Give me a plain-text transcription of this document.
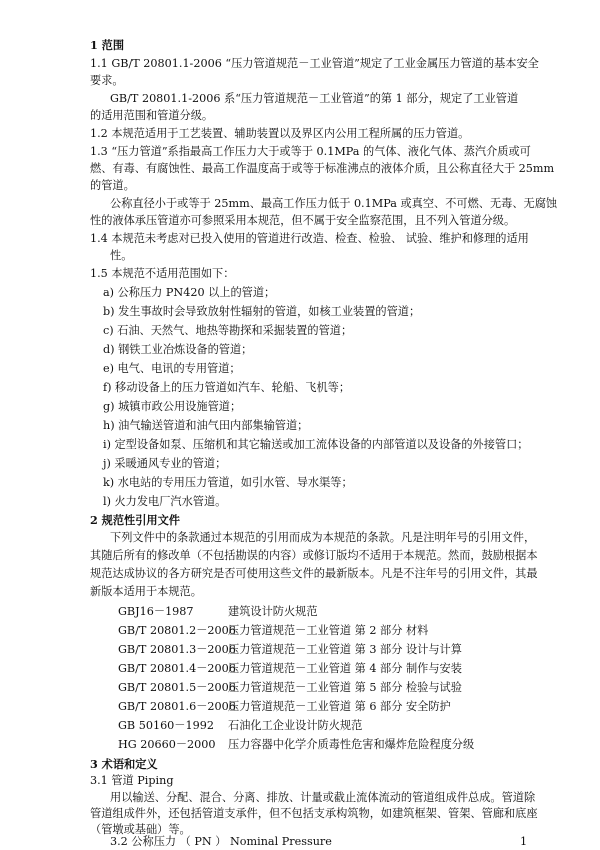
1 范围
1.1 GB/T 20801.1-2006 “压力管道规范－工业管道”规定了工业金属压力管道的基本安全
要求。
GB/T 20801.1-2006 系“压力管道规范－工业管道”的第 1 部分，规定了工业管道
的适用范围和管道分级。
1.2 本规范适用于工艺装置、辅助装置以及界区内公用工程所属的压力管道。
1.3 “压力管道”系指最高工作压力大于或等于 0.1MPa 的气体、液化气体、蒸汽介质或可
燃、有毒、有腐蚀性、最高工作温度高于或等于标准沸点的液体介质，且公称直径大于 25mm
的管道。
公称直径小于或等于 25mm、最高工作压力低于 0.1MPa 或真空、不可燃、无毒、无腐蚀
性的液体承压管道亦可参照采用本规范，但不属于安全监察范围，且不列入管道分级。
1.4 本规范未考虑对已投入使用的管道进行改造、检查、检验、 试验、维护和修理的适用
性。
1.5 本规范不适用范围如下：
a) 公称压力 PN420 以上的管道；
b) 发生事故时会导致放射性辐射的管道，如核工业装置的管道；
c) 石油、天然气、地热等勘探和采掘装置的管道；
d) 钢铁工业冶炼设备的管道；
e) 电气、电讯的专用管道；
f) 移动设备上的压力管道如汽车、轮船、飞机等；
g) 城镇市政公用设施管道；
h) 油气输送管道和油气田内部集输管道；
i) 定型设备如泵、压缩机和其它输送或加工流体设备的内部管道以及设备的外接管口；
j) 采暖通风专业的管道；
k) 水电站的专用压力管道，如引水管、导水渠等；
l) 火力发电厂汽水管道。
2 规范性引用文件
下列文件中的条款通过本规范的引用而成为本规范的条款。凡是注明年号的引用文件，
其随后所有的修改单（不包括勘误的内容）或修订版均不适用于本规范。然而，鼓励根据本
规范达成协议的各方研究是否可使用这些文件的最新版本。凡是不注年号的引用文件，其最
新版本适用于本规范。
GBJ16－1987	建筑设计防火规范
GB/T 20801.2－2006
压力管道规范－工业管道 第 2 部分 材料
GB/T 20801.3－2006
压力管道规范－工业管道 第 3 部分 设计与计算
GB/T 20801.4－2006
压力管道规范－工业管道 第 4 部分 制作与安装
GB/T 20801.5－2006
压力管道规范－工业管道 第 5 部分 检验与试验
GB/T 20801.6－2006
压力管道规范－工业管道 第 6 部分 安全防护
GB 50160－1992 石油化工企业设计防火规范
HG 20660－2000 压力容器中化学介质毒性危害和爆炸危险程度分级
3 术语和定义
3.1 管道 Piping
用以输送、分配、混合、分离、排放、计量或截止流体流动的管道组成件总成。管道除
管道组成件外，还包括管道支承件，但不包括支承构筑物，如建筑框架、管架、管廊和底座
（管墩或基础）等。
3.2 公称压力 （ PN ） Nominal Pressure	1
